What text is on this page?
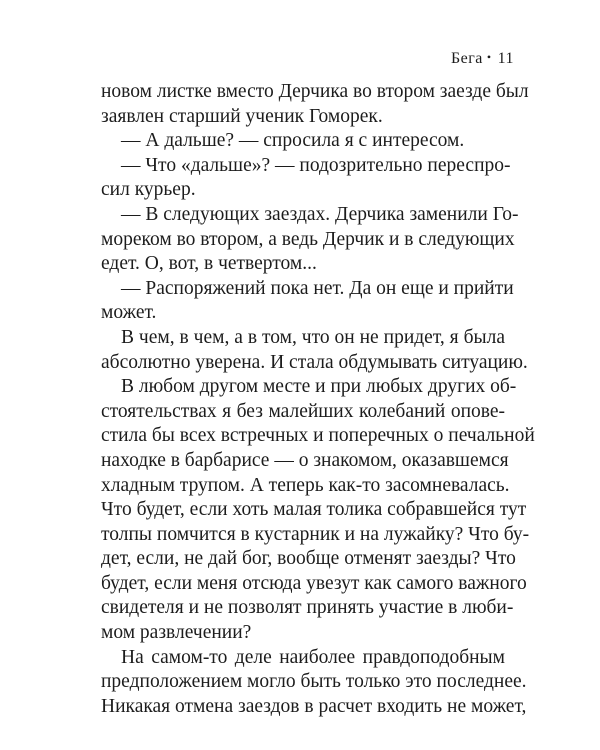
Бега • 11
новом листке вместо Дерчика во втором заезде был
заявлен старший ученик Гоморек.
— А дальше? — спросила я с интересом.
— Что «дальше»? — подозрительно переспро-
сил курьер.
— В следующих заездах. Дерчика заменили Го-
мореком во втором, а ведь Дерчик и в следующих
едет. О, вот, в четвертом...
— Распоряжений пока нет. Да он еще и прийти
может.
В чем, в чем, а в том, что он не придет, я была
абсолютно уверена. И стала обдумывать ситуацию.
В любом другом месте и при любых других об-
стоятельствах я без малейших колебаний опове-
стила бы всех встречных и поперечных о печальной
находке в барбарисе — о знакомом, оказавшемся
хладным трупом. А теперь как-то засомневалась.
Что будет, если хоть малая толика собравшейся тут
толпы помчится в кустарник и на лужайку? Что бу-
дет, если, не дай бог, вообще отменят заезды? Что
будет, если меня отсюда увезут как самого важного
свидетеля и не позволят принять участие в люби-
мом развлечении?
На самом-то деле наиболее правдоподобным
предположением могло быть только это последнее.
Никакая отмена заездов в расчет входить не может,
